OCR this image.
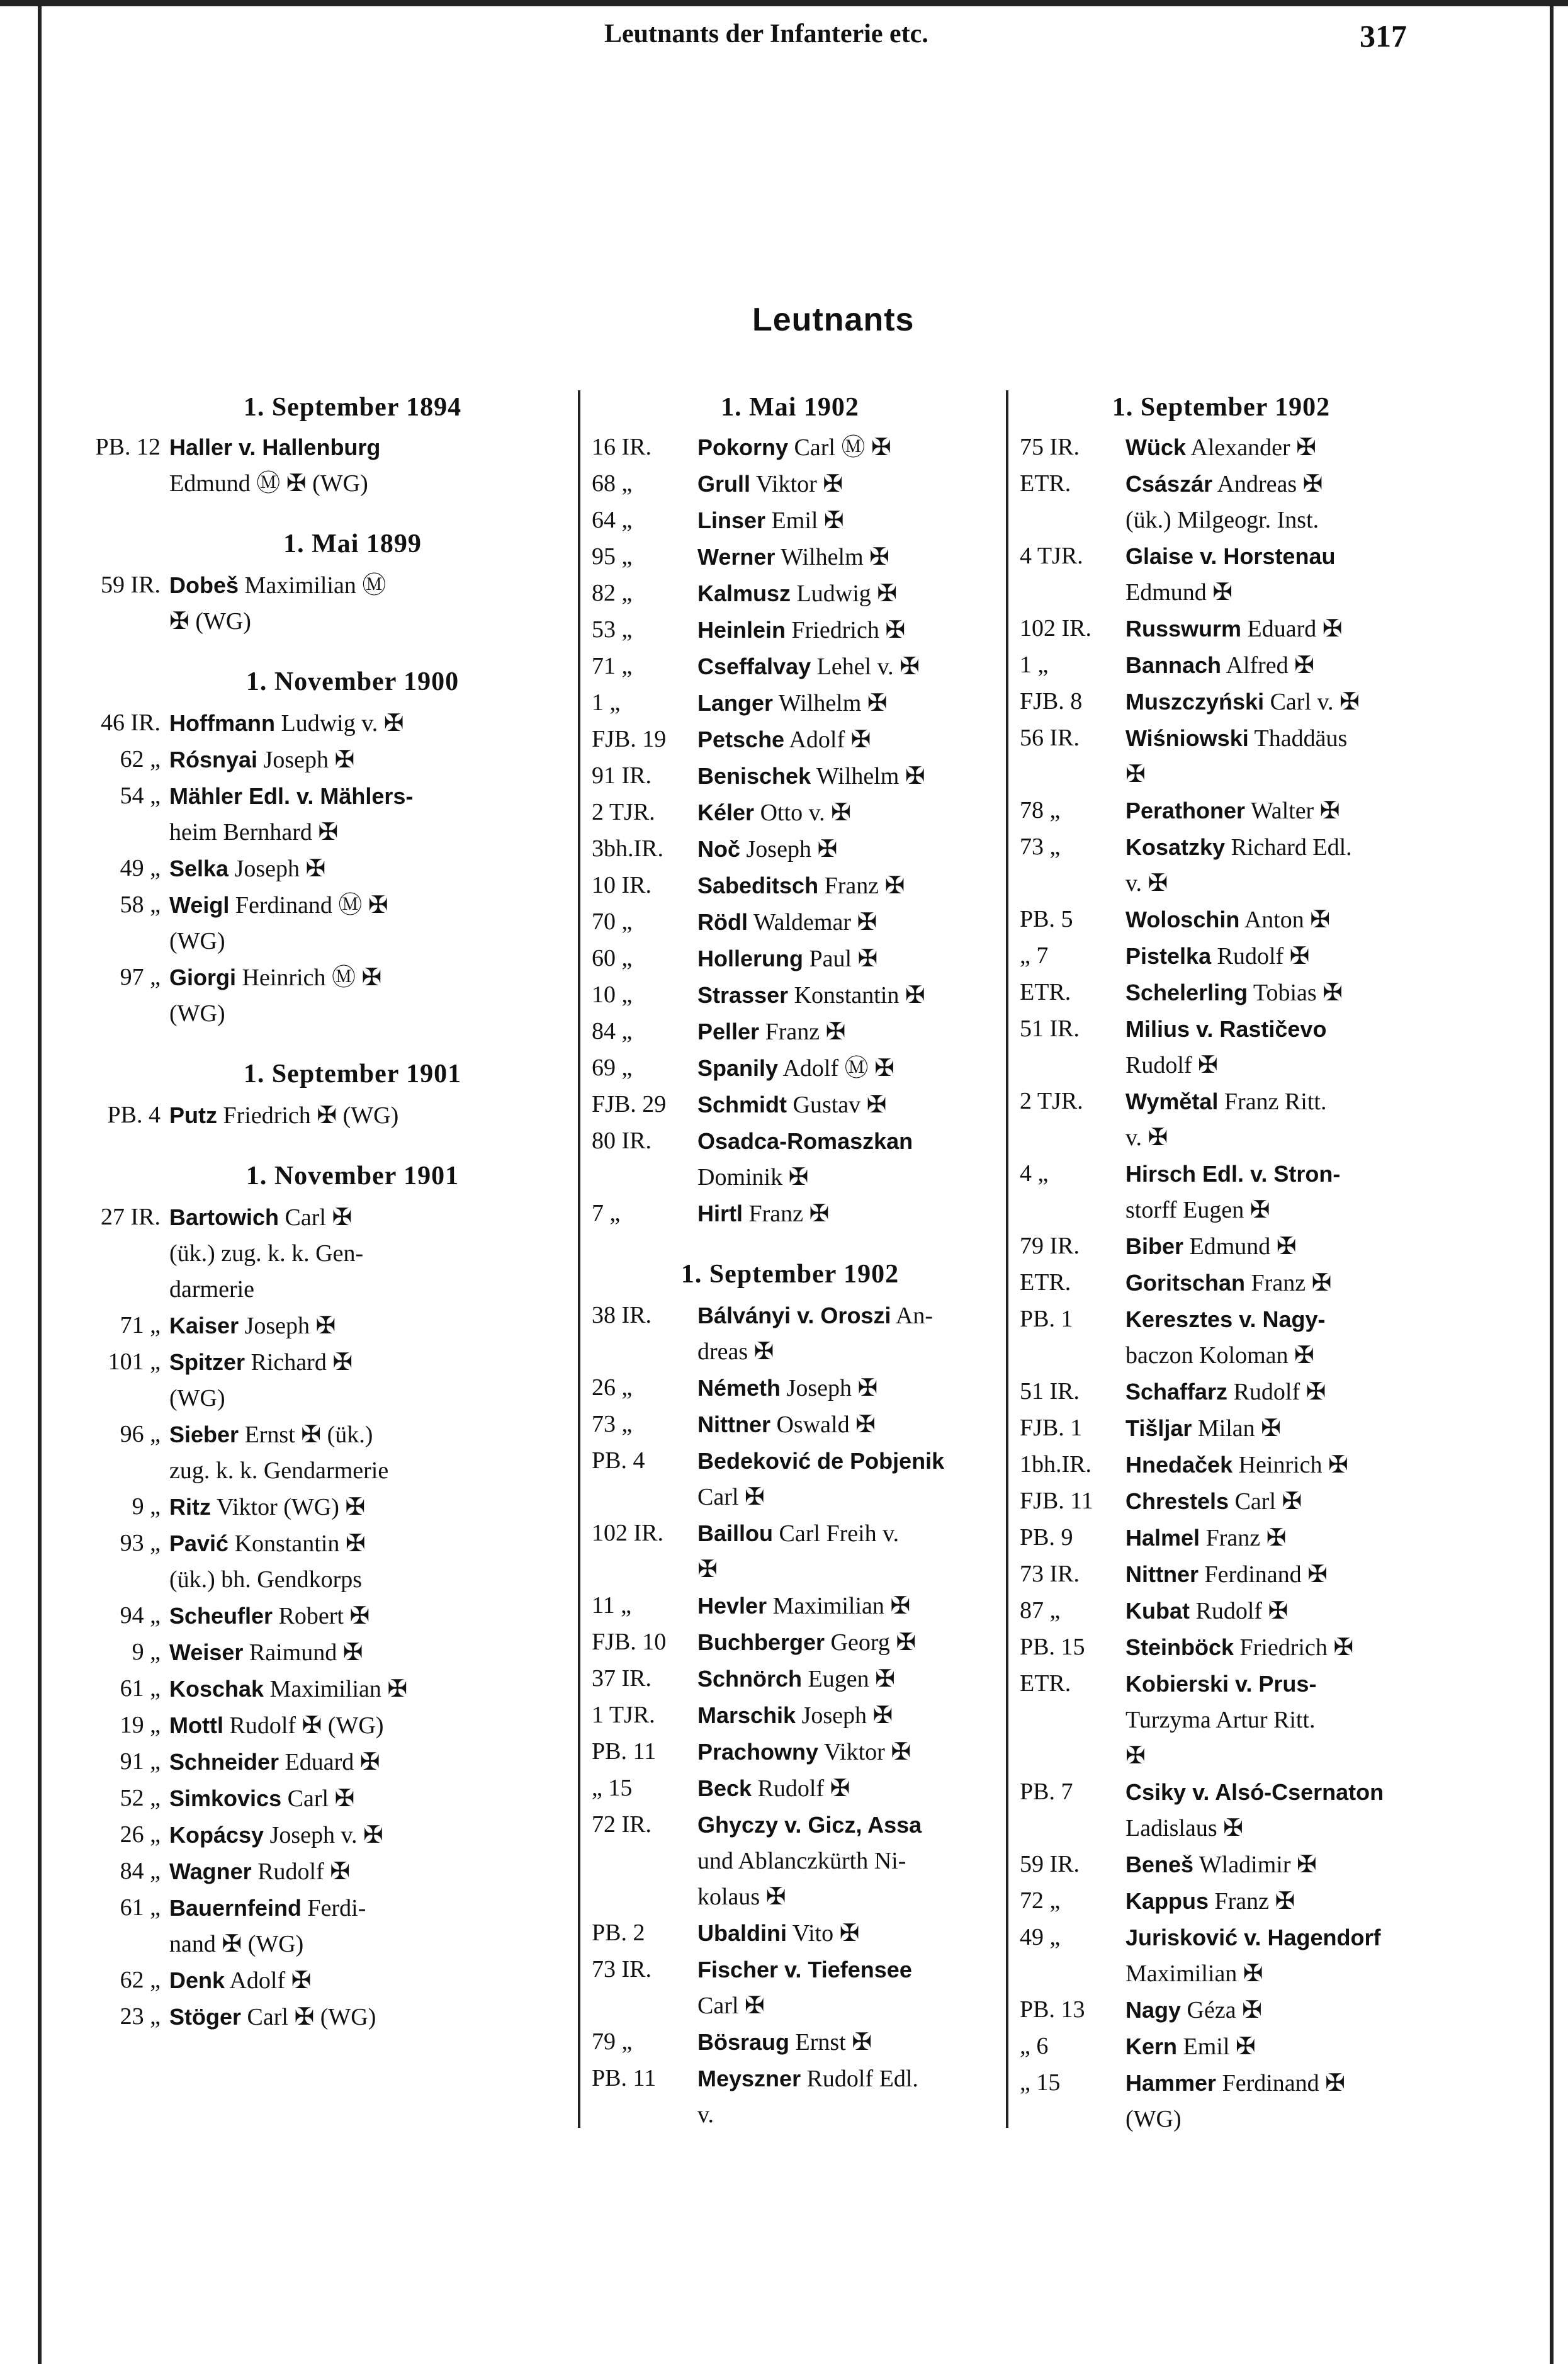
Leutnants der Infanterie etc.	317
Leutnants
1. September 1894
PB. 12 Haller v. Hallenburg
Edmund Ⓜ ✠ (WG)
1. Mai 1899
59 IR. Dobeš Maximilian Ⓜ
✠ (WG)
1. November 1900
46 IR. Hoffmann Ludwig v. ✠
62 „ Rósnyai Joseph ✠
54 „ Mähler Edl. v. Mählers-
heim Bernhard ✠
49 „ Selka Joseph ✠
58 „ Weigl Ferdinand Ⓜ ✠
(WG)
97 „ Giorgi Heinrich Ⓜ ✠
(WG)
1. September 1901
PB. 4 Putz Friedrich ✠ (WG)
1. November 1901
27 IR. Bartowich Carl ✠
(ük.) zug. k. k. Gen-
darmerie
71 „ Kaiser Joseph ✠
101 „ Spitzer Richard ✠
(WG)
96 „ Sieber Ernst ✠ (ük.)
zug. k. k. Gendarmerie
9 „ Ritz Viktor (WG) ✠
93 „ Pavić Konstantin ✠
(ük.) bh. Gendkorps
94 „ Scheufler Robert ✠
9 „ Weiser Raimund ✠
61 „ Koschak Maximilian ✠
19 „ Mottl Rudolf ✠ (WG)
91 „ Schneider Eduard ✠
52 „ Simkovics Carl ✠
26 „ Kopácsy Joseph v. ✠
84 „ Wagner Rudolf ✠
61 „ Bauernfeind Ferdi-
nand ✠ (WG)
62 „ Denk Adolf ✠
23 „ Stöger Carl ✠ (WG)
1. Mai 1902
16 IR.	Pokorny Carl Ⓜ ✠
68 „	Grull Viktor ✠
64 „	Linser Emil ✠
95 „	Werner Wilhelm ✠
82 „	Kalmusz Ludwig ✠
53 „	Heinlein Friedrich ✠
71 „	Cseffalvay Lehel v. ✠
1 „	Langer Wilhelm ✠
FJB. 19	Petsche Adolf ✠
91 IR.	Benischek Wilhelm ✠
2 TJR.	Kéler Otto v. ✠
3bh.IR.	Noč Joseph ✠
10 IR.	Sabeditsch Franz ✠
70 „	Rödl Waldemar ✠
60 „	Hollerung Paul ✠
10 „	Strasser Konstantin ✠
84 „	Peller Franz ✠
69 „	Spanily Adolf Ⓜ ✠
FJB. 29	Schmidt Gustav ✠
80 IR.	Osadca-Romaszkan
Dominik ✠
7 „	Hirtl Franz ✠
1. September 1902
38 IR.	Bálványi v. Oroszi An-
dreas ✠
26 „	Németh Joseph ✠
73 „	Nittner Oswald ✠
PB. 4	Bedeković de Pobjenik
Carl ✠
102 IR.	Baillou Carl Freih v.
✠
11 „	Hevler Maximilian ✠
FJB. 10	Buchberger Georg ✠
37 IR.	Schnörch Eugen ✠
1 TJR.	Marschik Joseph ✠
PB. 11	Prachowny Viktor ✠
„ 15	Beck Rudolf ✠
72 IR.	Ghyczy v. Gicz, Assa
und Ablanczkürth Ni-
kolaus ✠
PB. 2	Ubaldini Vito ✠
73 IR.	Fischer v. Tiefensee
Carl ✠
79 „	Bösraug Ernst ✠
PB. 11	Meyszner Rudolf Edl.
v.
1. September 1902
75 IR.	Wück Alexander ✠
ETR.	Császár Andreas ✠
(ük.) Milgeogr. Inst.
4 TJR.	Glaise v. Horstenau
Edmund ✠
102 IR.	Russwurm Eduard ✠
1 „	Bannach Alfred ✠
FJB. 8	Muszczyński Carl v. ✠
56 IR.	Wiśniowski Thaddäus
✠
78 „	Perathoner Walter ✠
73 „	Kosatzky Richard Edl.
v. ✠
PB. 5	Woloschin Anton ✠
„ 7	Pistelka Rudolf ✠
ETR.	Schelerling Tobias ✠
51 IR.	Milius v. Rastičevo
Rudolf ✠
2 TJR.	Wymětal Franz Ritt.
v. ✠
4 „	Hirsch Edl. v. Stron-
storff Eugen ✠
79 IR.	Biber Edmund ✠
ETR.	Goritschan Franz ✠
PB. 1	Keresztes v. Nagy-
baczon Koloman ✠
51 IR.	Schaffarz Rudolf ✠
FJB. 1	Tišljar Milan ✠
1bh.IR.	Hnedaček Heinrich ✠
FJB. 11	Chrestels Carl ✠
PB. 9	Halmel Franz ✠
73 IR.	Nittner Ferdinand ✠
87 „	Kubat Rudolf ✠
PB. 15	Steinböck Friedrich ✠
ETR.	Kobierski v. Prus-
Turzyma Artur Ritt.
✠
PB. 7	Csiky v. Alsó-Csernaton
Ladislaus ✠
59 IR.	Beneš Wladimir ✠
72 „	Kappus Franz ✠
49 „	Jurisković v. Hagendorf
Maximilian ✠
PB. 13	Nagy Géza ✠
„ 6	Kern Emil ✠
„ 15	Hammer Ferdinand ✠
(WG)
